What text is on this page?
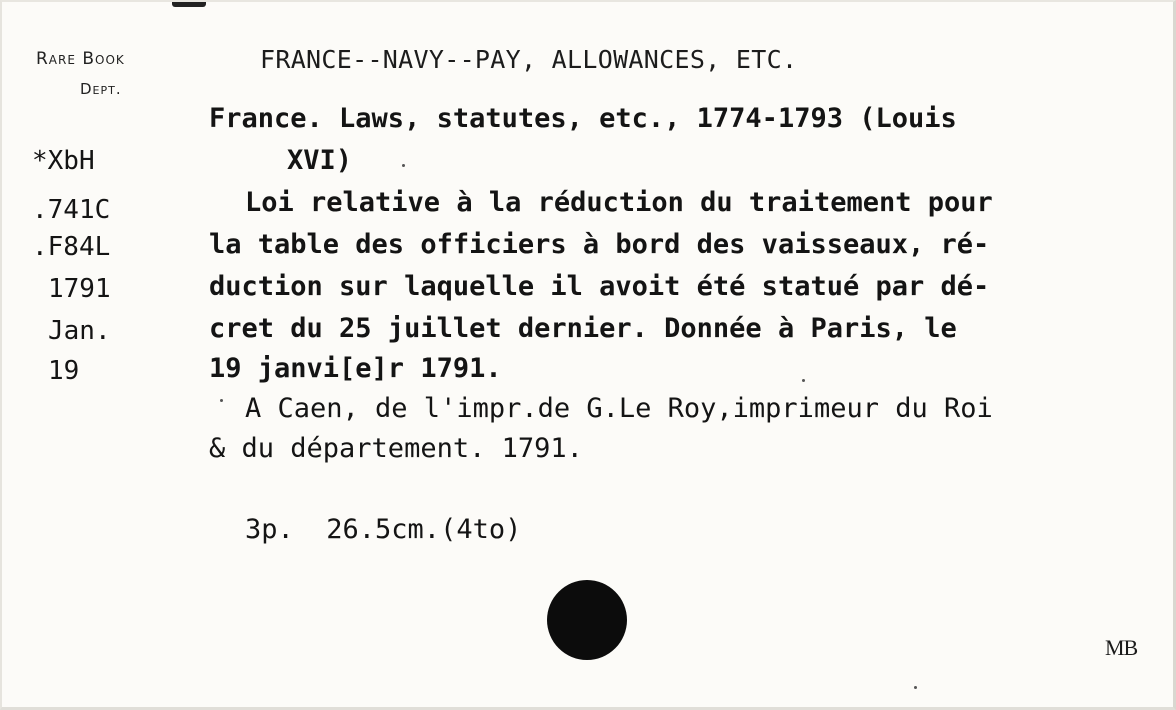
Rare Book
Dept.
FRANCE--NAVY--PAY, ALLOWANCES, ETC.
*XbH
.741C
.F84L
1791
Jan.
19
France. Laws, statutes, etc., 1774-1793 (Louis
XVI)
Loi relative à la réduction du traitement pour
la table des officiers à bord des vaisseaux, ré-
duction sur laquelle il avoit été statué par dé-
cret du 25 juillet dernier. Donnée à Paris, le
19 janvi[e]r 1791.
A Caen, de l'impr.de G.Le Roy,imprimeur du Roi
& du département. 1791.
3p.  26.5cm.(4to)
MB
